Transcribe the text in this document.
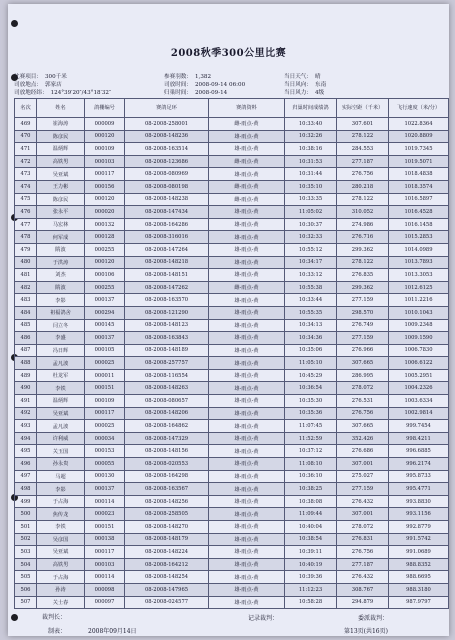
2008秋季300公里比赛
比赛项目： 300千米	参赛羽数： 1,382	当日天气： 晴
司放地点： 郭家店	司放时间： 2008-09-14 06:00	当日风向： 东南
司放地经纬： 124°39′20″/43°18′32″	归巢时间： 2008-09-14	当日风力： 4级
名次	姓名	鸽棚编号	赛鸽足环	赛鸽资料	归巢时间成绩鸽	实际空距（千米）	飞行速度（米/分）
469	崔海涛	000009	08-2008-258001	雌-雨点-黄	10:33:40	307.601	1022.8364
470	陈彦民	000120	08-2008-148236	雄-雨点-黄	10:32:26	278.122	1020.8809
471	温炳辉	000109	08-2008-163514	雄-雨点-黄	10:38:16	284.553	1019.7345
472	高铁男	000103	08-2008-123686	雌-雨点-黄	10:31:53	277.187	1019.5071
473	吴亚斌	000117	08-2008-080969	雄-雨点-黄	10:31:44	276.756	1018.4838
474	王力彬	000156	08-2008-080198	雌-雨点-黄	10:35:10	280.218	1018.3574
475	陈彦民	000120	08-2008-148238	雌-雨点-黄	10:33:35	278.122	1016.5897
476	张永平	000020	08-2008-147434	雄-雨点-黄	11:05:02	310.052	1016.4528
477	马宏林	000132	08-2008-164286	雄-雨点-黄	10:30:37	274.986	1016.1458
478	何军成	000128	08-2008-316016	雄-雨点-黄	10:32:33	276.716	1015.2853
479	隋波	000255	08-2008-147264	雄-雨点-黄	10:55:12	299.362	1014.0989
480	于洪涛	000120	08-2008-148218	雄-雨点-黄	10:34:17	278.122	1013.7893
481	刘杰	000106	08-2008-148151	雄-雨点-黄	10:33:12	276.835	1013.3053
482	隋波	000255	08-2008-147262	雌-雨点-黄	10:55:38	299.362	1012.6125
483	李影	000137	08-2008-163570	雄-雨点-黄	10:33:44	277.159	1011.2216
484	祖福鸽舍	000294	08-2008-121290	雄-雨点-黄	10:55:35	298.570	1010.1043
485	闫立冬	000145	08-2008-148123	雄-雨点-黄	10:34:13	276.749	1009.2348
486	李盛	000137	08-2008-163843	雄-雨点-黄	10:34:36	277.159	1009.1590
487	冯日辉	000105	08-2008-148189	雄-雨点-黄	10:35:06	276.966	1006.7830
488	孟凡波	000025	08-2008-257757	雄-雨点-黄	11:05:10	307.665	1006.6122
489	杜龙军	000011	08-2008-116554	雄-雨点-黄	10:45:29	286.995	1005.2951
490	李铁	000151	08-2008-148263	雄-雨点-黄	10:36:54	278.072	1004.2326
491	温炳辉	000109	08-2008-080657	雄-雨点-黄	10:35:30	276.531	1003.6334
492	吴亚斌	000117	08-2008-148206	雄-雨点-黄	10:35:36	276.756	1002.9814
493	孟凡波	000025	08-2008-164862	雄-雨点-黄	11:07:45	307.665	999.7454
494	许利威	000034	08-2008-147329	雄-雨点-黄	11:52:59	352.426	998.4211
495	关玉国	000153	08-2008-148156	雄-雨点-黄	10:37:12	276.686	996.6885
496	孙永贵	000055	08-2008-020553	雄-雨点-黄	11:08:10	307.001	996.2174
497	马超	000130	08-2008-164298	雄-雨点-黄	10:36:10	275.027	995.8733
498	李影	000137	08-2008-163567	雄-雨点-黄	10:38:25	277.159	995.4771
499	于占海	000114	08-2008-148256	雄-雨点-黄	10:38:08	276.432	993.8830
500	焦传龙	000023	08-2008-258505	雄-雨点-黄	11:09:44	307.001	993.1156
501	李铁	000151	08-2008-148270	雄-雨点-黄	10:40:04	278.072	992.8779
502	吴彦国	000138	08-2008-148179	雄-雨点-黄	10:38:54	276.831	991.5742
503	吴亚斌	000117	08-2008-148224	雄-雨点-黄	10:39:11	276.756	991.0689
504	高铁男	000103	08-2008-164212	雄-雨点-黄	10:40:19	277.187	988.8352
505	于占海	000114	08-2008-148254	雄-雨点-黄	10:39:36	276.432	988.6695
506	孙涛	000098	08-2008-147965	雄-雨点-黄	11:12:23	308.767	988.3180
507	关士春	000097	08-2008-024577	雄-雨点-黄	10:58:28	294.879	987.9797
裁判长：
制表：	2008年09月14日
记录裁判：	委派裁判：
第13页(共16页)
